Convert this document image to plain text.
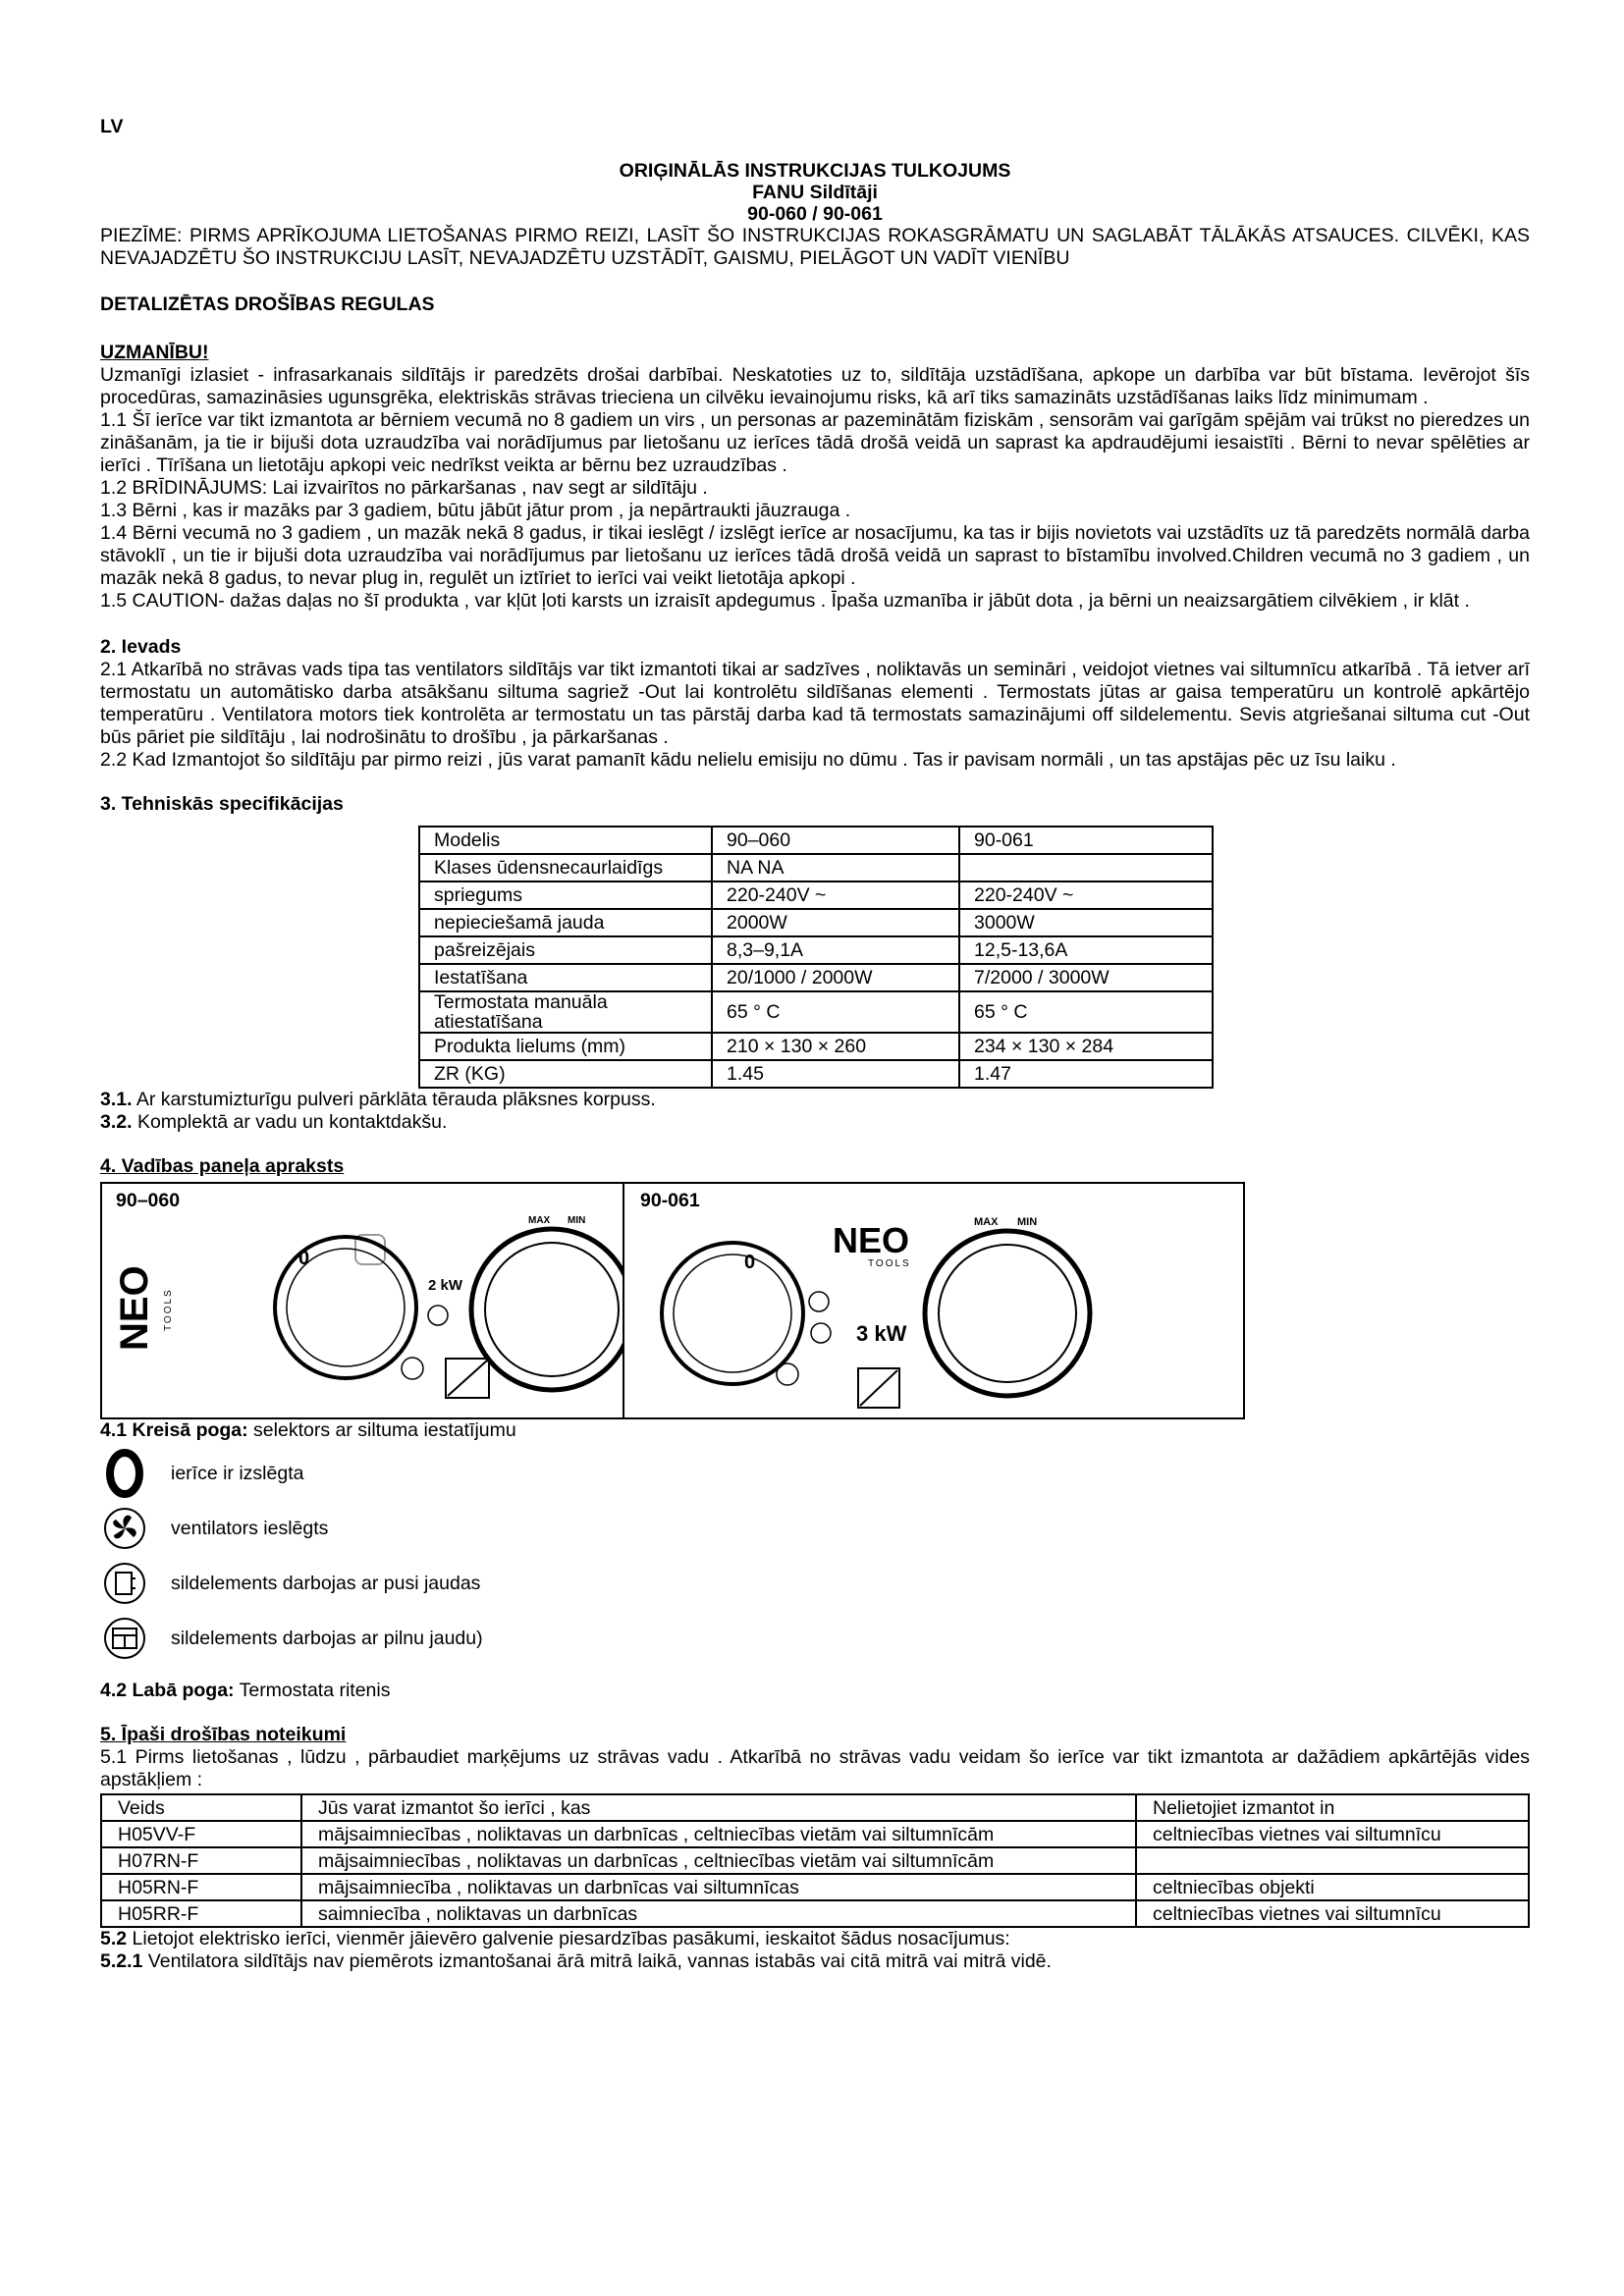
LV
ORIĢINĀLĀS INSTRUKCIJAS TULKOJUMS
FANU Sildītāji
90-060 / 90-061

PIEZĪME: PIRMS APRĪKOJUMA LIETOŠANAS PIRMO REIZI, LASĪT ŠO INSTRUKCIJAS ROKASGRĀMATU UN SAGLABĀT TĀLĀKĀS ATSAUCES. CILVĒKI, KAS NEVAJADZĒTU ŠO INSTRUKCIJU LASĪT, NEVAJADZĒTU UZSTĀDĪT, GAISMU, PIELĀGOT UN VADĪT VIENĪBU

DETALIZĒTAS DROŠĪBAS REGULAS
UZMANĪBU!

Uzmanīgi izlasiet - infrasarkanais sildītājs ir paredzēts drošai darbībai. Neskatoties uz to, sildītāja uzstādīšana, apkope un darbība var būt bīstama. Ievērojot šīs procedūras, samazināsies ugunsgrēka, elektriskās strāvas trieciena un cilvēku ievainojumu risks, kā arī tiks samazināts uzstādīšanas laiks līdz minimumam .

1.1 Šī ierīce var tikt izmantota ar bērniem vecumā no 8 gadiem un virs , un personas ar pazeminātām fiziskām , sensorām vai garīgām spējām vai trūkst no pieredzes un zināšanām, ja tie ir bijuši dota uzraudzība vai norādījumus par lietošanu uz ierīces tādā drošā veidā un saprast ka apdraudējumi iesaistīti . Bērni to nevar spēlēties ar ierīci . Tīrīšana un lietotāju apkopi veic nedrīkst veikta ar bērnu bez uzraudzības .

1.2 BRĪDINĀJUMS: Lai izvairītos no pārkaršanas , nav segt ar sildītāju .

1.3 Bērni , kas ir mazāks par 3 gadiem, būtu jābūt jātur prom , ja nepārtraukti jāuzrauga .

1.4 Bērni vecumā no 3 gadiem , un mazāk nekā 8 gadus, ir tikai ieslēgt / izslēgt ierīce ar nosacījumu, ka tas ir bijis novietots vai uzstādīts uz tā paredzēts normālā darba stāvoklī , un tie ir bijuši dota uzraudzība vai norādījumus par lietošanu uz ierīces tādā drošā veidā un saprast to bīstamību involved.Children vecumā no 3 gadiem , un mazāk nekā 8 gadus, to nevar plug in, regulēt un iztīriet to ierīci vai veikt lietotāja apkopi .

1.5 CAUTION- dažas daļas no šī produkta , var kļūt ļoti karsts un izraisīt apdegumus . Īpaša uzmanība ir jābūt dota , ja bērni un neaizsargātiem cilvēkiem , ir klāt .

2. Ievads

2.1 Atkarībā no strāvas vads tipa tas ventilators sildītājs var tikt izmantoti tikai ar sadzīves , noliktavās un semināri , veidojot vietnes vai siltumnīcu atkarībā . Tā ietver arī termostatu un automātisko darba atsākšanu siltuma sagriež -Out lai kontrolētu sildīšanas elementi . Termostats jūtas ar gaisa temperatūru un kontrolē apkārtējo temperatūru . Ventilatora motors tiek kontrolēta ar termostatu un tas pārstāj darba kad tā termostats samazinājumi off sildelementu. Sevis atgriešanai siltuma cut -Out būs pāriet pie sildītāju , lai nodrošinātu to drošību , ja pārkaršanas .

2.2 Kad Izmantojot šo sildītāju par pirmo reizi , jūs varat pamanīt kādu nelielu emisiju no dūmu . Tas ir pavisam normāli , un tas apstājas pēc uz īsu laiku .

3. Tehniskās specifikācijas
Modelis	90–060	90-061
Klases ūdensnecaurlaidīgs	NA NA	
spriegums	220-240V ~	220-240V ~
nepieciešamā jauda	2000W	3000W
pašreizējais	8,3–9,1A	12,5-13,6A
Iestatīšana	20/1000 / 2000W	7/2000 / 3000W
Termostata manuāla atiestatīšana	65 ° C	65 ° C
Produkta lielums (mm)	210 × 130 × 260	234 × 130 × 284
ZR (KG)	1.45	1.47

3.1. Ar karstumizturīgu pulveri pārklāta tērauda plāksnes korpuss.

3.2. Komplektā ar vadu un kontaktdakšu.

4. Vadības paneļa apraksts
90–060	90-061
NEO TOOLS
0
2 kW
MAX MIN
0
NEO
TOOLS
3 kW
MAX MIN

4.1 Kreisā poga: selektors ar siltuma iestatījumu

ierīce ir izslēgta
ventilators ieslēgts
sildelements darbojas ar pusi jaudas
sildelements darbojas ar pilnu jaudu)

4.2 Labā poga: Termostata ritenis

5. Īpaši drošības noteikumi

5.1 Pirms lietošanas , lūdzu , pārbaudiet marķējums uz strāvas vadu . Atkarībā no strāvas vadu veidam šo ierīce var tikt izmantota ar dažādiem apkārtējās vides apstākļiem :

Veids	Jūs varat izmantot šo ierīci , kas	Nelietojiet izmantot in
H05VV-F	mājsaimniecības , noliktavas un darbnīcas , celtniecības vietām vai siltumnīcām	celtniecības vietnes vai siltumnīcu
H07RN-F	mājsaimniecības , noliktavas un darbnīcas , celtniecības vietām vai siltumnīcām	
H05RN-F	mājsaimniecība , noliktavas un darbnīcas vai siltumnīcas	celtniecības objekti
H05RR-F	saimniecība , noliktavas un darbnīcas	celtniecības vietnes vai siltumnīcu

5.2 Lietojot elektrisko ierīci, vienmēr jāievēro galvenie piesardzības pasākumi, ieskaitot šādus nosacījumus:

5.2.1 Ventilatora sildītājs nav piemērots izmantošanai ārā mitrā laikā, vannas istabās vai citā mitrā vai mitrā vidē.
